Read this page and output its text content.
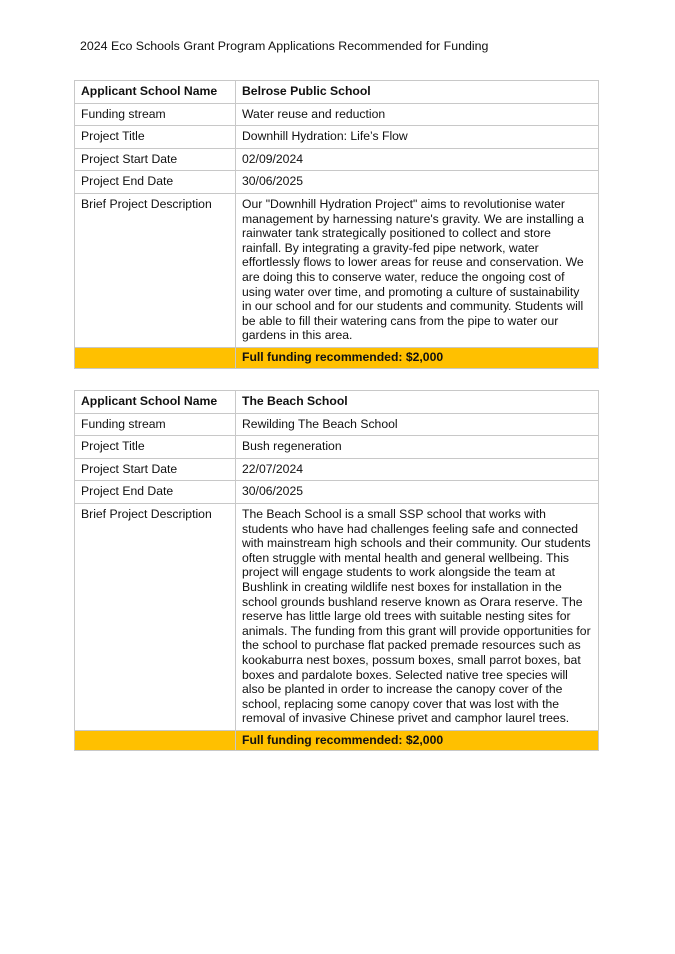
2024 Eco Schools Grant Program Applications Recommended for Funding
Applicant School Name	Belrose Public School
Funding stream	Water reuse and reduction
Project Title	Downhill Hydration: Life’s Flow
Project Start Date	02/09/2024
Project End Date	30/06/2025
Brief Project Description	Our "Downhill Hydration Project" aims to revolutionise water management by harnessing nature's gravity. We are installing a rainwater tank strategically positioned to collect and store rainfall. By integrating a gravity-fed pipe network, water effortlessly flows to lower areas for reuse and conservation. We are doing this to conserve water, reduce the ongoing cost of using water over time, and promoting a culture of sustainability in our school and for our students and community. Students will be able to fill their watering cans from the pipe to water our gardens in this area.
	Full funding recommended: $2,000
Applicant School Name	The Beach School
Funding stream	Rewilding The Beach School
Project Title	Bush regeneration
Project Start Date	22/07/2024
Project End Date	30/06/2025
Brief Project Description	The Beach School is a small SSP school that works with students who have had challenges feeling safe and connected with mainstream high schools and their community. Our students often struggle with mental health and general wellbeing. This project will engage students to work alongside the team at Bushlink in creating wildlife nest boxes for installation in the school grounds bushland reserve known as Orara reserve. The reserve has little large old trees with suitable nesting sites for animals. The funding from this grant will provide opportunities for the school to purchase flat packed premade resources such as kookaburra nest boxes, possum boxes, small parrot boxes, bat boxes and pardalote boxes. Selected native tree species will also be planted in order to increase the canopy cover of the school, replacing some canopy cover that was lost with the removal of invasive Chinese privet and camphor laurel trees.
	Full funding recommended: $2,000
